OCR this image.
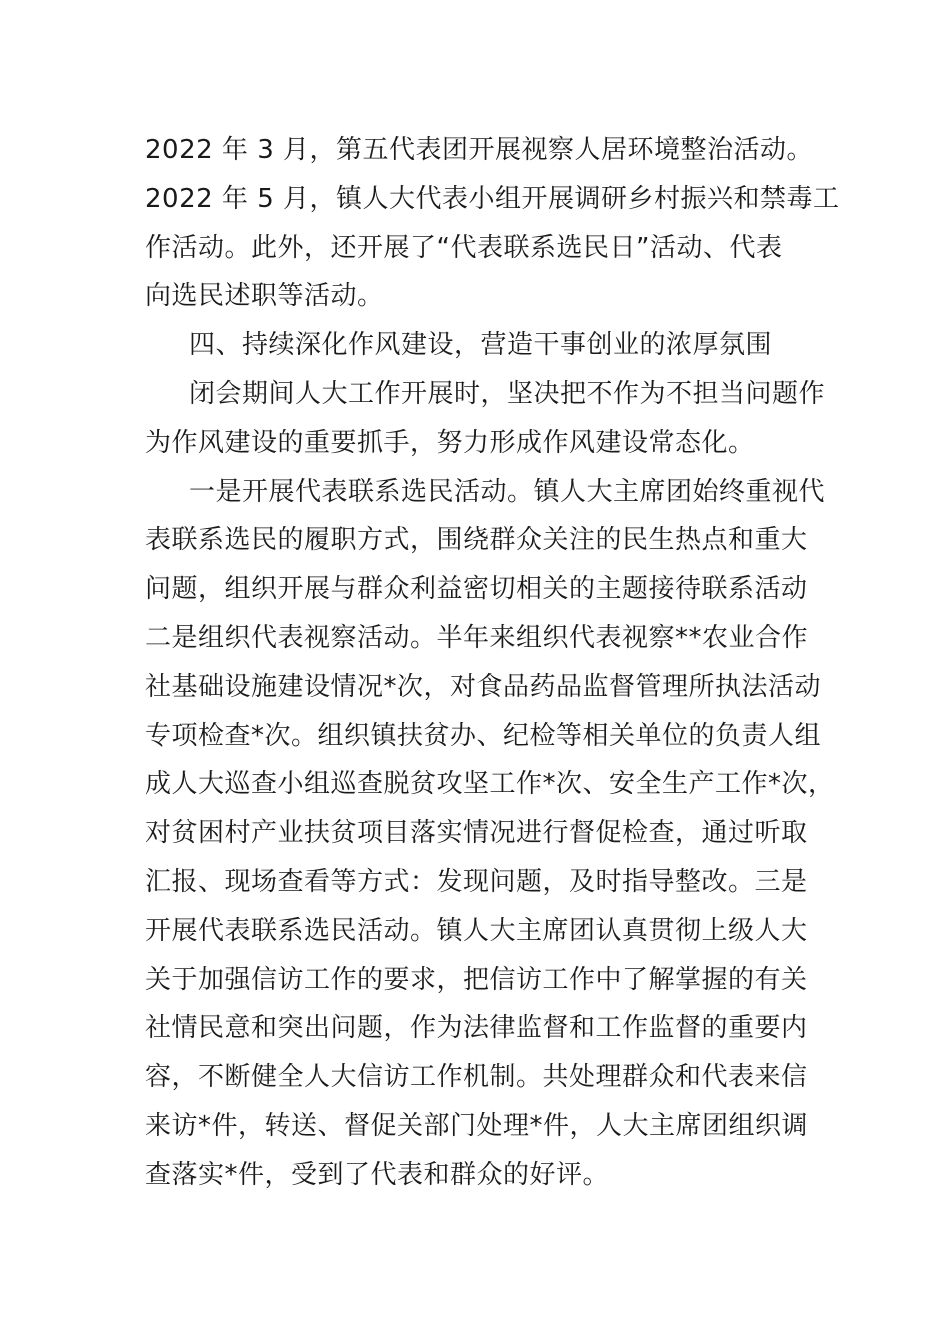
2022 年 3 月，第五代表团开展视察人居环境整治活动。
2022 年 5 月，镇人大代表小组开展调研乡村振兴和禁毒工
作活动。此外，还开展了“代表联系选民日”活动、代表
向选民述职等活动。
四、持续深化作风建设，营造干事创业的浓厚氛围
闭会期间人大工作开展时，坚决把不作为不担当问题作
为作风建设的重要抓手，努力形成作风建设常态化。
一是开展代表联系选民活动。镇人大主席团始终重视代
表联系选民的履职方式，围绕群众关注的民生热点和重大
问题，组织开展与群众利益密切相关的主题接待联系活动
二是组织代表视察活动。半年来组织代表视察**农业合作
社基础设施建设情况*次，对食品药品监督管理所执法活动
专项检查*次。组织镇扶贫办、纪检等相关单位的负责人组
成人大巡查小组巡查脱贫攻坚工作*次、安全生产工作*次，
对贫困村产业扶贫项目落实情况进行督促检查，通过听取
汇报、现场查看等方式：发现问题，及时指导整改。三是
开展代表联系选民活动。镇人大主席团认真贯彻上级人大
关于加强信访工作的要求，把信访工作中了解掌握的有关
社情民意和突出问题，作为法律监督和工作监督的重要内
容，不断健全人大信访工作机制。共处理群众和代表来信
来访*件，转送、督促关部门处理*件，人大主席团组织调
查落实*件，受到了代表和群众的好评。
